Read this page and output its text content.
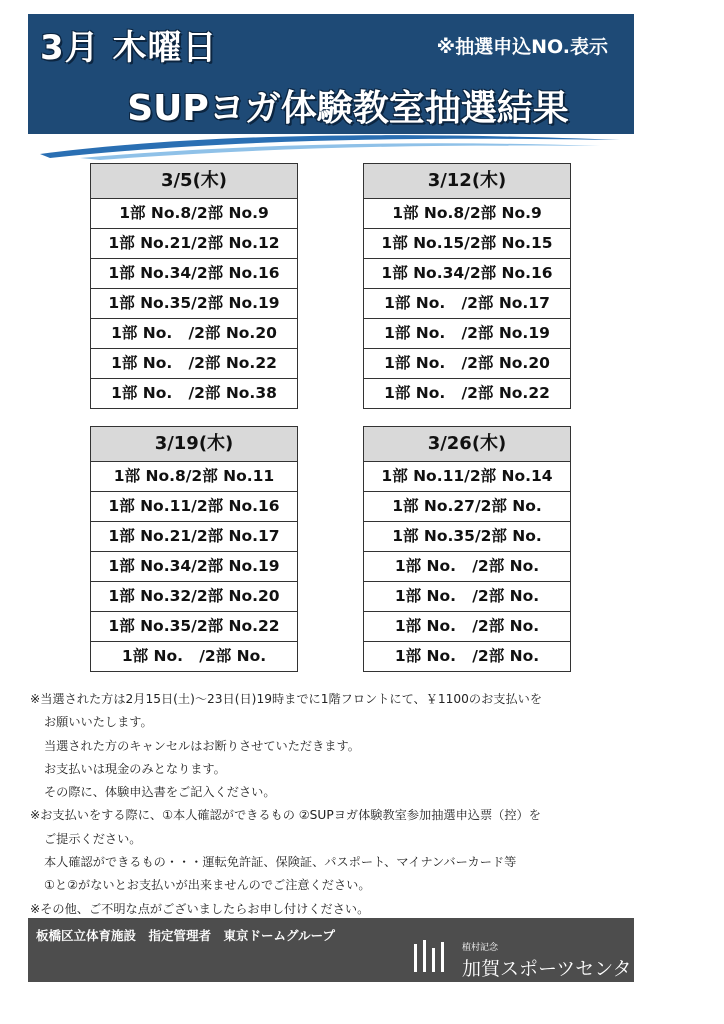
3月 木曜日	※抽選申込NO.表示
SUPヨガ体験教室抽選結果
3/5(木)
1部 No.8/2部 No.9
1部 No.21/2部 No.12
1部 No.34/2部 No.16
1部 No.35/2部 No.19
1部 No.   /2部 No.20
1部 No.   /2部 No.22
1部 No.   /2部 No.38
3/12(木)
1部 No.8/2部 No.9
1部 No.15/2部 No.15
1部 No.34/2部 No.16
1部 No.   /2部 No.17
1部 No.   /2部 No.19
1部 No.   /2部 No.20
1部 No.   /2部 No.22
3/19(木)
1部 No.8/2部 No.11
1部 No.11/2部 No.16
1部 No.21/2部 No.17
1部 No.34/2部 No.19
1部 No.32/2部 No.20
1部 No.35/2部 No.22
1部 No.   /2部 No.
3/26(木)
1部 No.11/2部 No.14
1部 No.27/2部 No.
1部 No.35/2部 No.
1部 No.   /2部 No.
1部 No.   /2部 No.
1部 No.   /2部 No.
1部 No.   /2部 No.
※当選された方は2月15日(土)～23日(日)19時までに1階フロントにて、￥1100のお支払いを
お願いいたします。
当選された方のキャンセルはお断りさせていただきます。
お支払いは現金のみとなります。
その際に、体験申込書をご記入ください。
※お支払いをする際に、①本人確認ができるもの ②SUPヨガ体験教室参加抽選申込票（控）を
ご提示ください。
本人確認ができるもの・・・運転免許証、保険証、パスポート、マイナンバーカード等
①と②がないとお支払いが出来ませんのでご注意ください。
※その他、ご不明な点がございましたらお申し付けください。
板橋区立体育施設　指定管理者　東京ドームグループ
植村記念
加賀スポーツセンター
